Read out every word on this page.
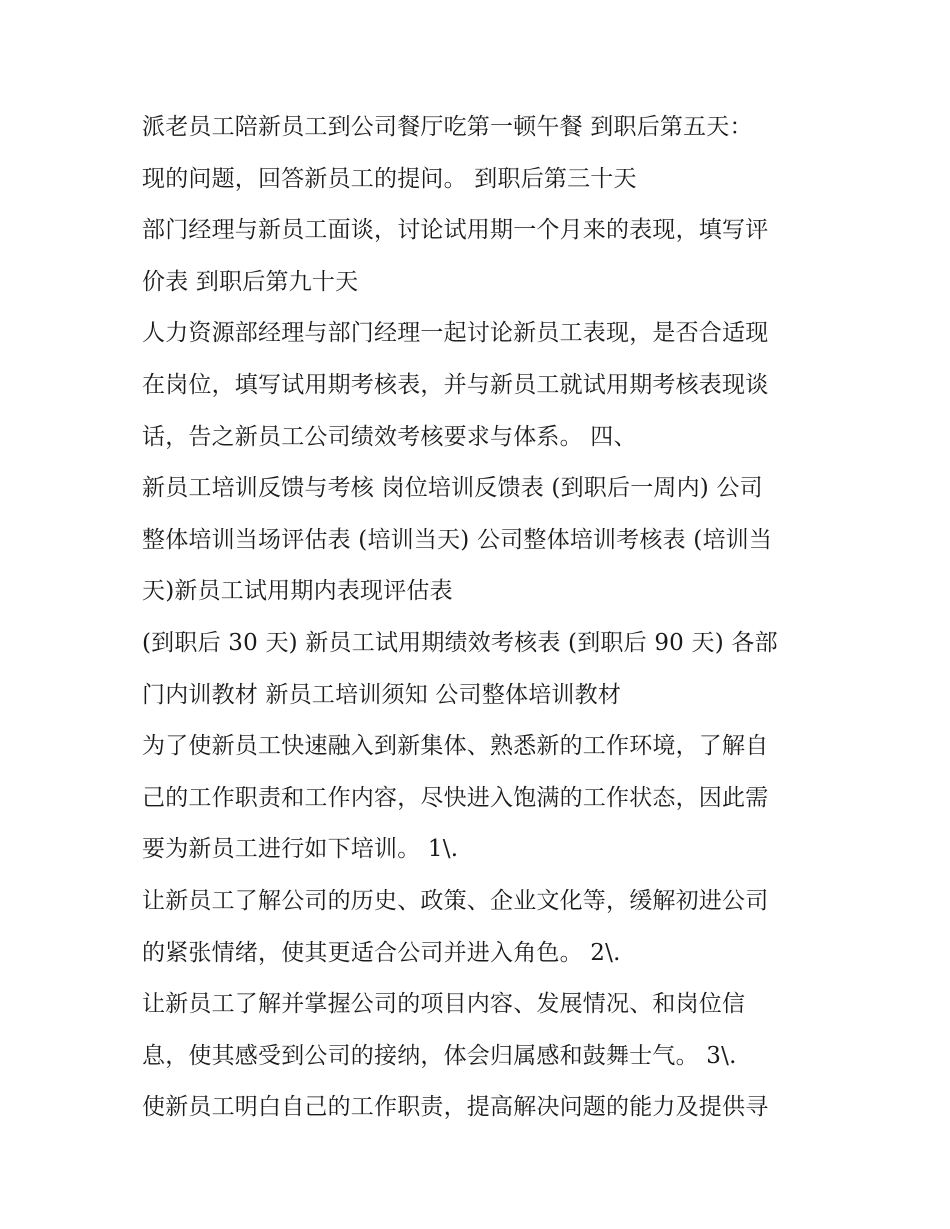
派老员工陪新员工到公司餐厅吃第一顿午餐 到职后第五天：
现的问题，回答新员工的提问。 到职后第三十天
部门经理与新员工面谈，讨论试用期一个月来的表现，填写评
价表 到职后第九十天
人力资源部经理与部门经理一起讨论新员工表现，是否合适现
在岗位，填写试用期考核表，并与新员工就试用期考核表现谈
话，告之新员工公司绩效考核要求与体系。 四、
新员工培训反馈与考核 岗位培训反馈表 (到职后一周内) 公司
整体培训当场评估表 (培训当天) 公司整体培训考核表 (培训当
天)新员工试用期内表现评估表
(到职后 30 天) 新员工试用期绩效考核表 (到职后 90 天) 各部
门内训教材 新员工培训须知 公司整体培训教材
为了使新员工快速融入到新集体、熟悉新的工作环境，了解自
己的工作职责和工作内容，尽快进入饱满的工作状态，因此需
要为新员工进行如下培训。 1\.
让新员工了解公司的历史、政策、企业文化等，缓解初进公司
的紧张情绪，使其更适合公司并进入角色。 2\.
让新员工了解并掌握公司的项目内容、发展情况、和岗位信
息，使其感受到公司的接纳，体会归属感和鼓舞士气。 3\.
使新员工明白自己的工作职责，提高解决问题的能力及提供寻
